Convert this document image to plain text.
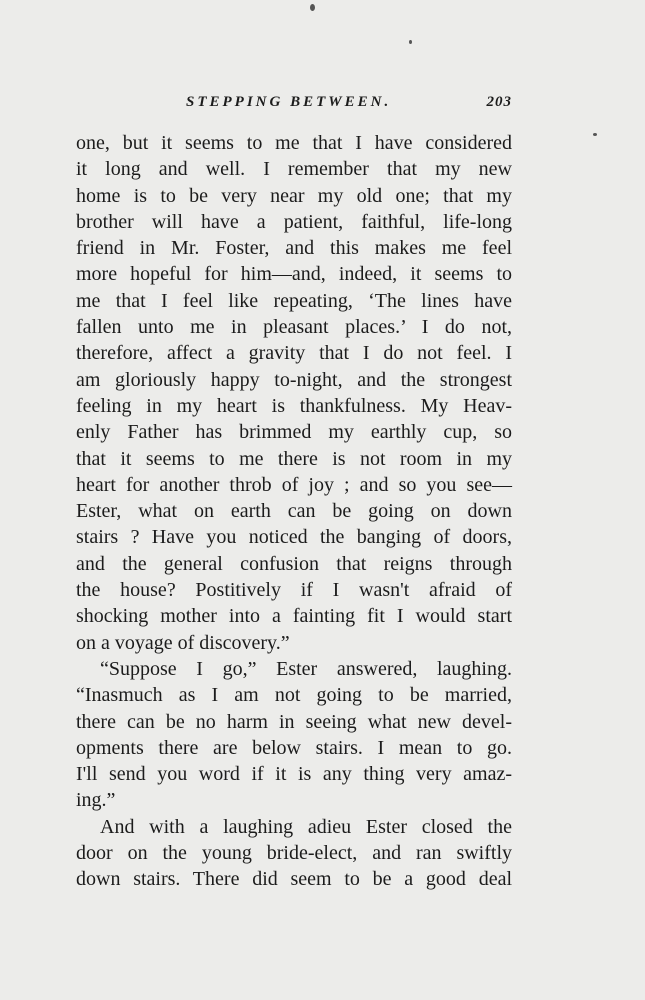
STEPPING BETWEEN.	203
one, but it seems to me that I have considered
it long and well. I remember that my new
home is to be very near my old one; that my
brother will have a patient, faithful, life-long
friend in Mr. Foster, and this makes me feel
more hopeful for him—and, indeed, it seems to
me that I feel like repeating, ‘The lines have
fallen unto me in pleasant places.’ I do not,
therefore, affect a gravity that I do not feel. I
am gloriously happy to-night, and the strongest
feeling in my heart is thankfulness. My Heav-
enly Father has brimmed my earthly cup, so
that it seems to me there is not room in my
heart for another throb of joy ; and so you see—
Ester, what on earth can be going on down
stairs ? Have you noticed the banging of doors,
and the general confusion that reigns through
the house? Postitively if I wasn't afraid of
shocking mother into a fainting fit I would start
on a voyage of discovery.”
“Suppose I go,” Ester answered, laughing.
“Inasmuch as I am not going to be married,
there can be no harm in seeing what new devel-
opments there are below stairs. I mean to go.
I'll send you word if it is any thing very amaz-
ing.”
And with a laughing adieu Ester closed the
door on the young bride-elect, and ran swiftly
down stairs. There did seem to be a good deal
